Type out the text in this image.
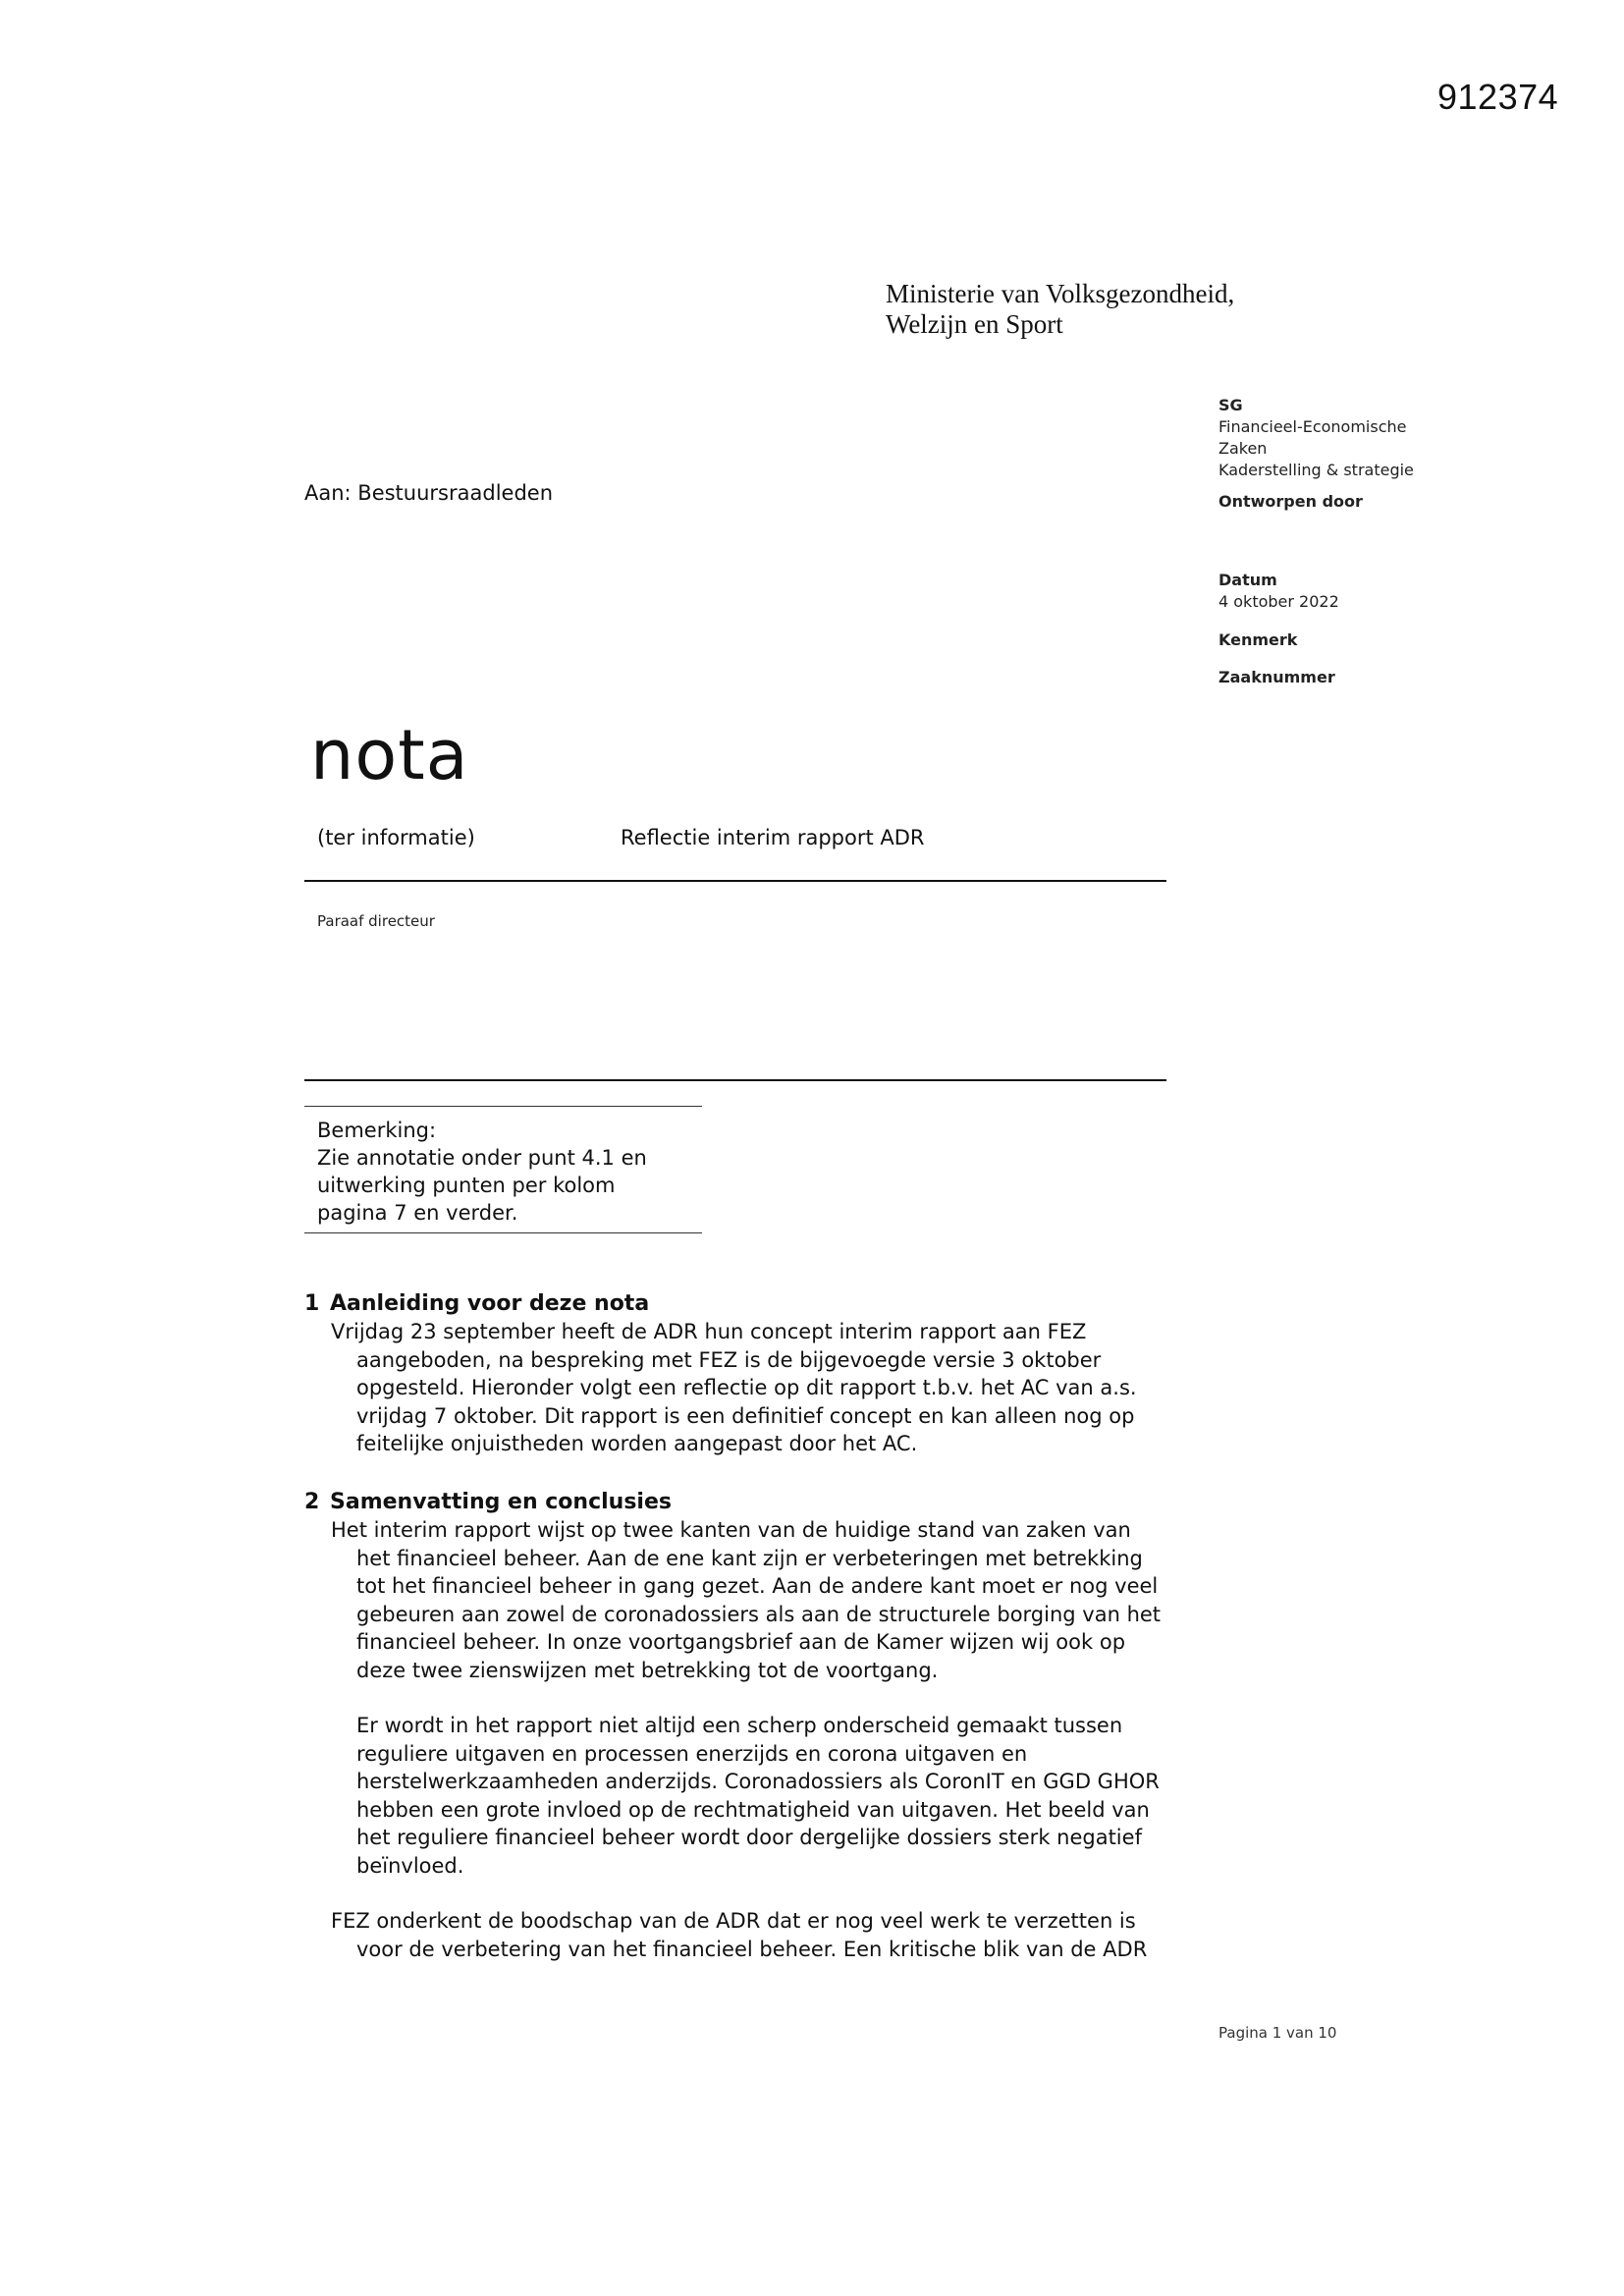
912374
Ministerie van Volksgezondheid,
Welzijn en Sport
SG
Financieel-Economische
Zaken
Kaderstelling & strategie
Ontworpen door
Datum
4 oktober 2022
Kenmerk
Zaaknummer
Aan: Bestuursraadleden
nota
(ter informatie)	Reflectie interim rapport ADR
Paraaf directeur
Bemerking:
Zie annotatie onder punt 4.1 en
uitwerking punten per kolom
pagina 7 en verder.
1 Aanleiding voor deze nota
Vrijdag 23 september heeft de ADR hun concept interim rapport aan FEZ
aangeboden, na bespreking met FEZ is de bijgevoegde versie 3 oktober
opgesteld. Hieronder volgt een reflectie op dit rapport t.b.v. het AC van a.s.
vrijdag 7 oktober. Dit rapport is een definitief concept en kan alleen nog op
feitelijke onjuistheden worden aangepast door het AC.
2 Samenvatting en conclusies
Het interim rapport wijst op twee kanten van de huidige stand van zaken van
het financieel beheer. Aan de ene kant zijn er verbeteringen met betrekking
tot het financieel beheer in gang gezet. Aan de andere kant moet er nog veel
gebeuren aan zowel de coronadossiers als aan de structurele borging van het
financieel beheer. In onze voortgangsbrief aan de Kamer wijzen wij ook op
deze twee zienswijzen met betrekking tot de voortgang.
Er wordt in het rapport niet altijd een scherp onderscheid gemaakt tussen
reguliere uitgaven en processen enerzijds en corona uitgaven en
herstelwerkzaamheden anderzijds. Coronadossiers als CoronIT en GGD GHOR
hebben een grote invloed op de rechtmatigheid van uitgaven. Het beeld van
het reguliere financieel beheer wordt door dergelijke dossiers sterk negatief
beïnvloed.
FEZ onderkent de boodschap van de ADR dat er nog veel werk te verzetten is
voor de verbetering van het financieel beheer. Een kritische blik van de ADR
Pagina 1 van 10
